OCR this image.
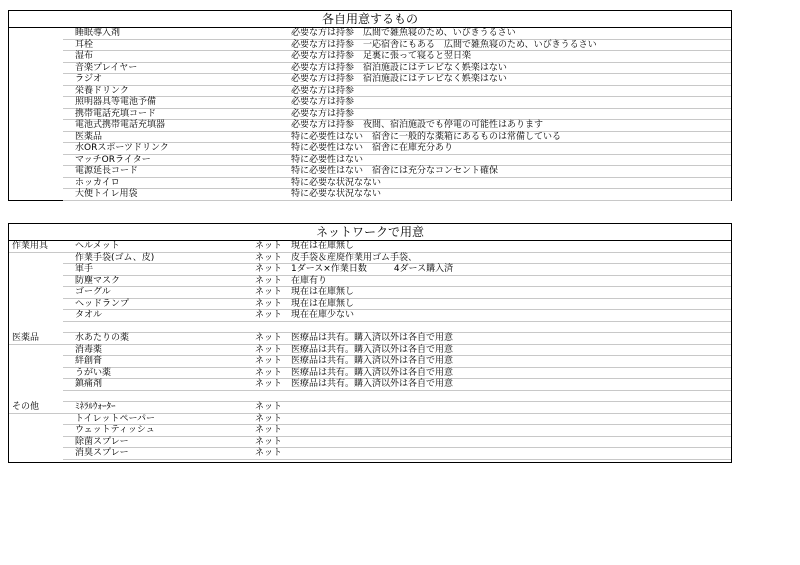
各自用意するもの
睡眠導入剤	必要な方は持参　広間で雑魚寝のため、いびきうるさい
耳栓	必要な方は持参　一応宿舎にもある　広間で雑魚寝のため、いびきうるさい
湿布	必要な方は持参　足裏に張って寝ると翌日楽
音楽プレイヤー	必要な方は持参　宿泊施設にはテレビなく娯楽はない
ラジオ	必要な方は持参　宿泊施設にはテレビなく娯楽はない
栄養ドリンク	必要な方は持参
照明器具等電池予備	必要な方は持参
携帯電話充填コード	必要な方は持参
電池式携帯電話充填器	必要な方は持参　夜間、宿泊施設でも停電の可能性はあります
医薬品	特に必要性はない　宿舎に一般的な薬箱にあるものは常備している
水ORスポーツドリンク	特に必要性はない　宿舎に在庫充分あり
マッチORライター	特に必要性はない
電源延長コード	特に必要性はない　宿舎には充分なコンセント確保
ホッカイロ	特に必要な状況なない
大便トイレ用袋	特に必要な状況なない
ネットワークで用意
作業用具	ヘルメット	ネット 現在は在庫無し
作業手袋(ゴム、皮)	ネット 皮手袋＆産廃作業用ゴム手袋、
軍手	ネット 1ダース×作業日数　　　4ダース購入済
防塵マスク	ネット 在庫有り
ゴーグル	ネット 現在は在庫無し
ヘッドランプ	ネット 現在は在庫無し
タオル	ネット 現在在庫少ない
医薬品	水あたりの薬	ネット 医療品は共有。購入済以外は各自で用意
消毒薬	ネット 医療品は共有。購入済以外は各自で用意
絆創膏	ネット 医療品は共有。購入済以外は各自で用意
うがい薬	ネット 医療品は共有。購入済以外は各自で用意
鎮痛剤	ネット 医療品は共有。購入済以外は各自で用意
その他	ﾐﾈﾗﾙｳｫｰﾀｰ	ネット
トイレットペーパー	ネット
ウェットティッシュ	ネット
除菌スプレー	ネット
消臭スプレー	ネット
